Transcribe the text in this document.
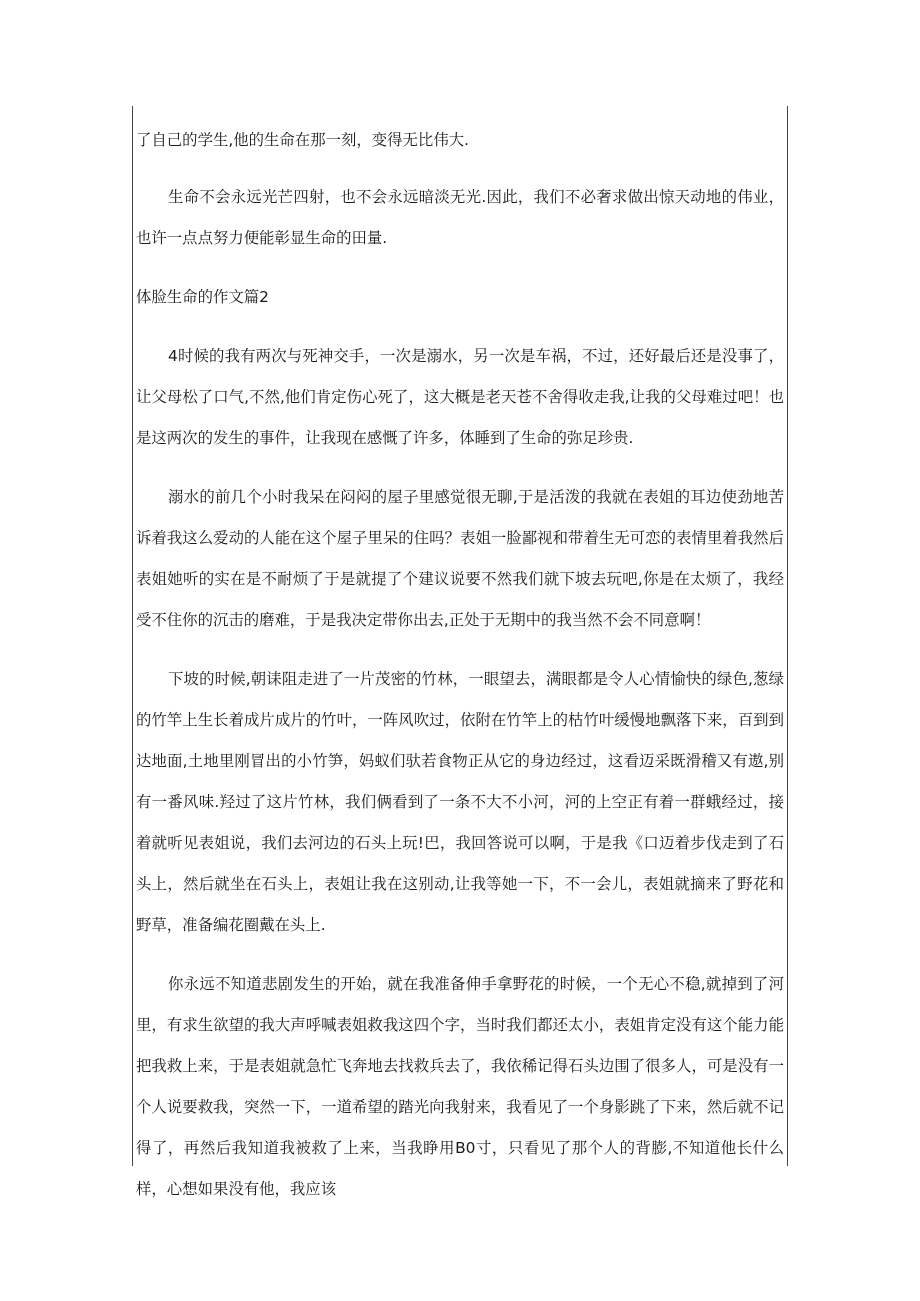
了自己的学生,他的生命在那一刻，变得无比伟大.

生命不会永远光芒四射，也不会永远暗淡无光.因此，我们不必奢求做出惊天动地的伟业，也许一点点努力便能彰显生命的田量.

体脸生命的作文篇2

4时候的我有两次与死神交手，一次是溺水，另一次是车祸，不过，还好最后还是没事了，让父母松了口气,不然,他们肯定伤心死了，这大概是老天苍不舍得收走我,让我的父母难过吧！也是这两次的发生的事件，让我现在感慨了许多，体睡到了生命的弥足珍贵.

溺水的前几个小时我呆在闷闷的屋子里感觉很无聊,于是活泼的我就在表姐的耳边使劲地苦诉着我这么爱动的人能在这个屋子里呆的住吗？表姐一脸鄙视和带着生无可恋的表情里着我然后表姐她听的实在是不耐烦了于是就提了个建议说要不然我们就下坡去玩吧,你是在太烦了，我经受不住你的沉击的磨难，于是我决定带你出去,正处于无期中的我当然不会不同意啊！

下坡的时候,朝诔阻走进了一片茂密的竹林，一眼望去，满眼都是令人心情愉快的绿色,葱绿的竹竿上生长着成片成片的竹叶，一阵风吹过，依附在竹竿上的枯竹叶缓慢地飘落下来，百到到达地面,土地里刚冒出的小竹笋，妈蚁们驮若食物正从它的身边经过，这看迈采既滑稽又有遨,别有一番风味.羟过了这片竹林，我们俩看到了一条不大不小河，河的上空正有着一群蛾经过，接着就听见表姐说，我们去河边的石头上玩!巴，我回答说可以啊，于是我《口迈着步伐走到了石头上，然后就坐在石头上，表姐让我在这别动,让我等她一下，不一会儿，表姐就摘来了野花和野草，准备编花圈戴在头上.

你永远不知道悲剧发生的开始，就在我准备伸手拿野花的时候，一个无心不稳,就掉到了河里，有求生欲望的我大声呼喊表姐救我这四个字，当时我们都还太小，表姐肯定没有这个能力能把我救上来，于是表姐就急忙飞奔地去找救兵去了，我依稀记得石头边围了很多人，可是没有一个人说要救我，突然一下，一道希望的踏光向我射来，我看见了一个身影跳了下来，然后就不记得了，再然后我知道我被救了上来，当我睁用B0寸，只看见了那个人的背膨,不知道他长什么样，心想如果没有他，我应该
